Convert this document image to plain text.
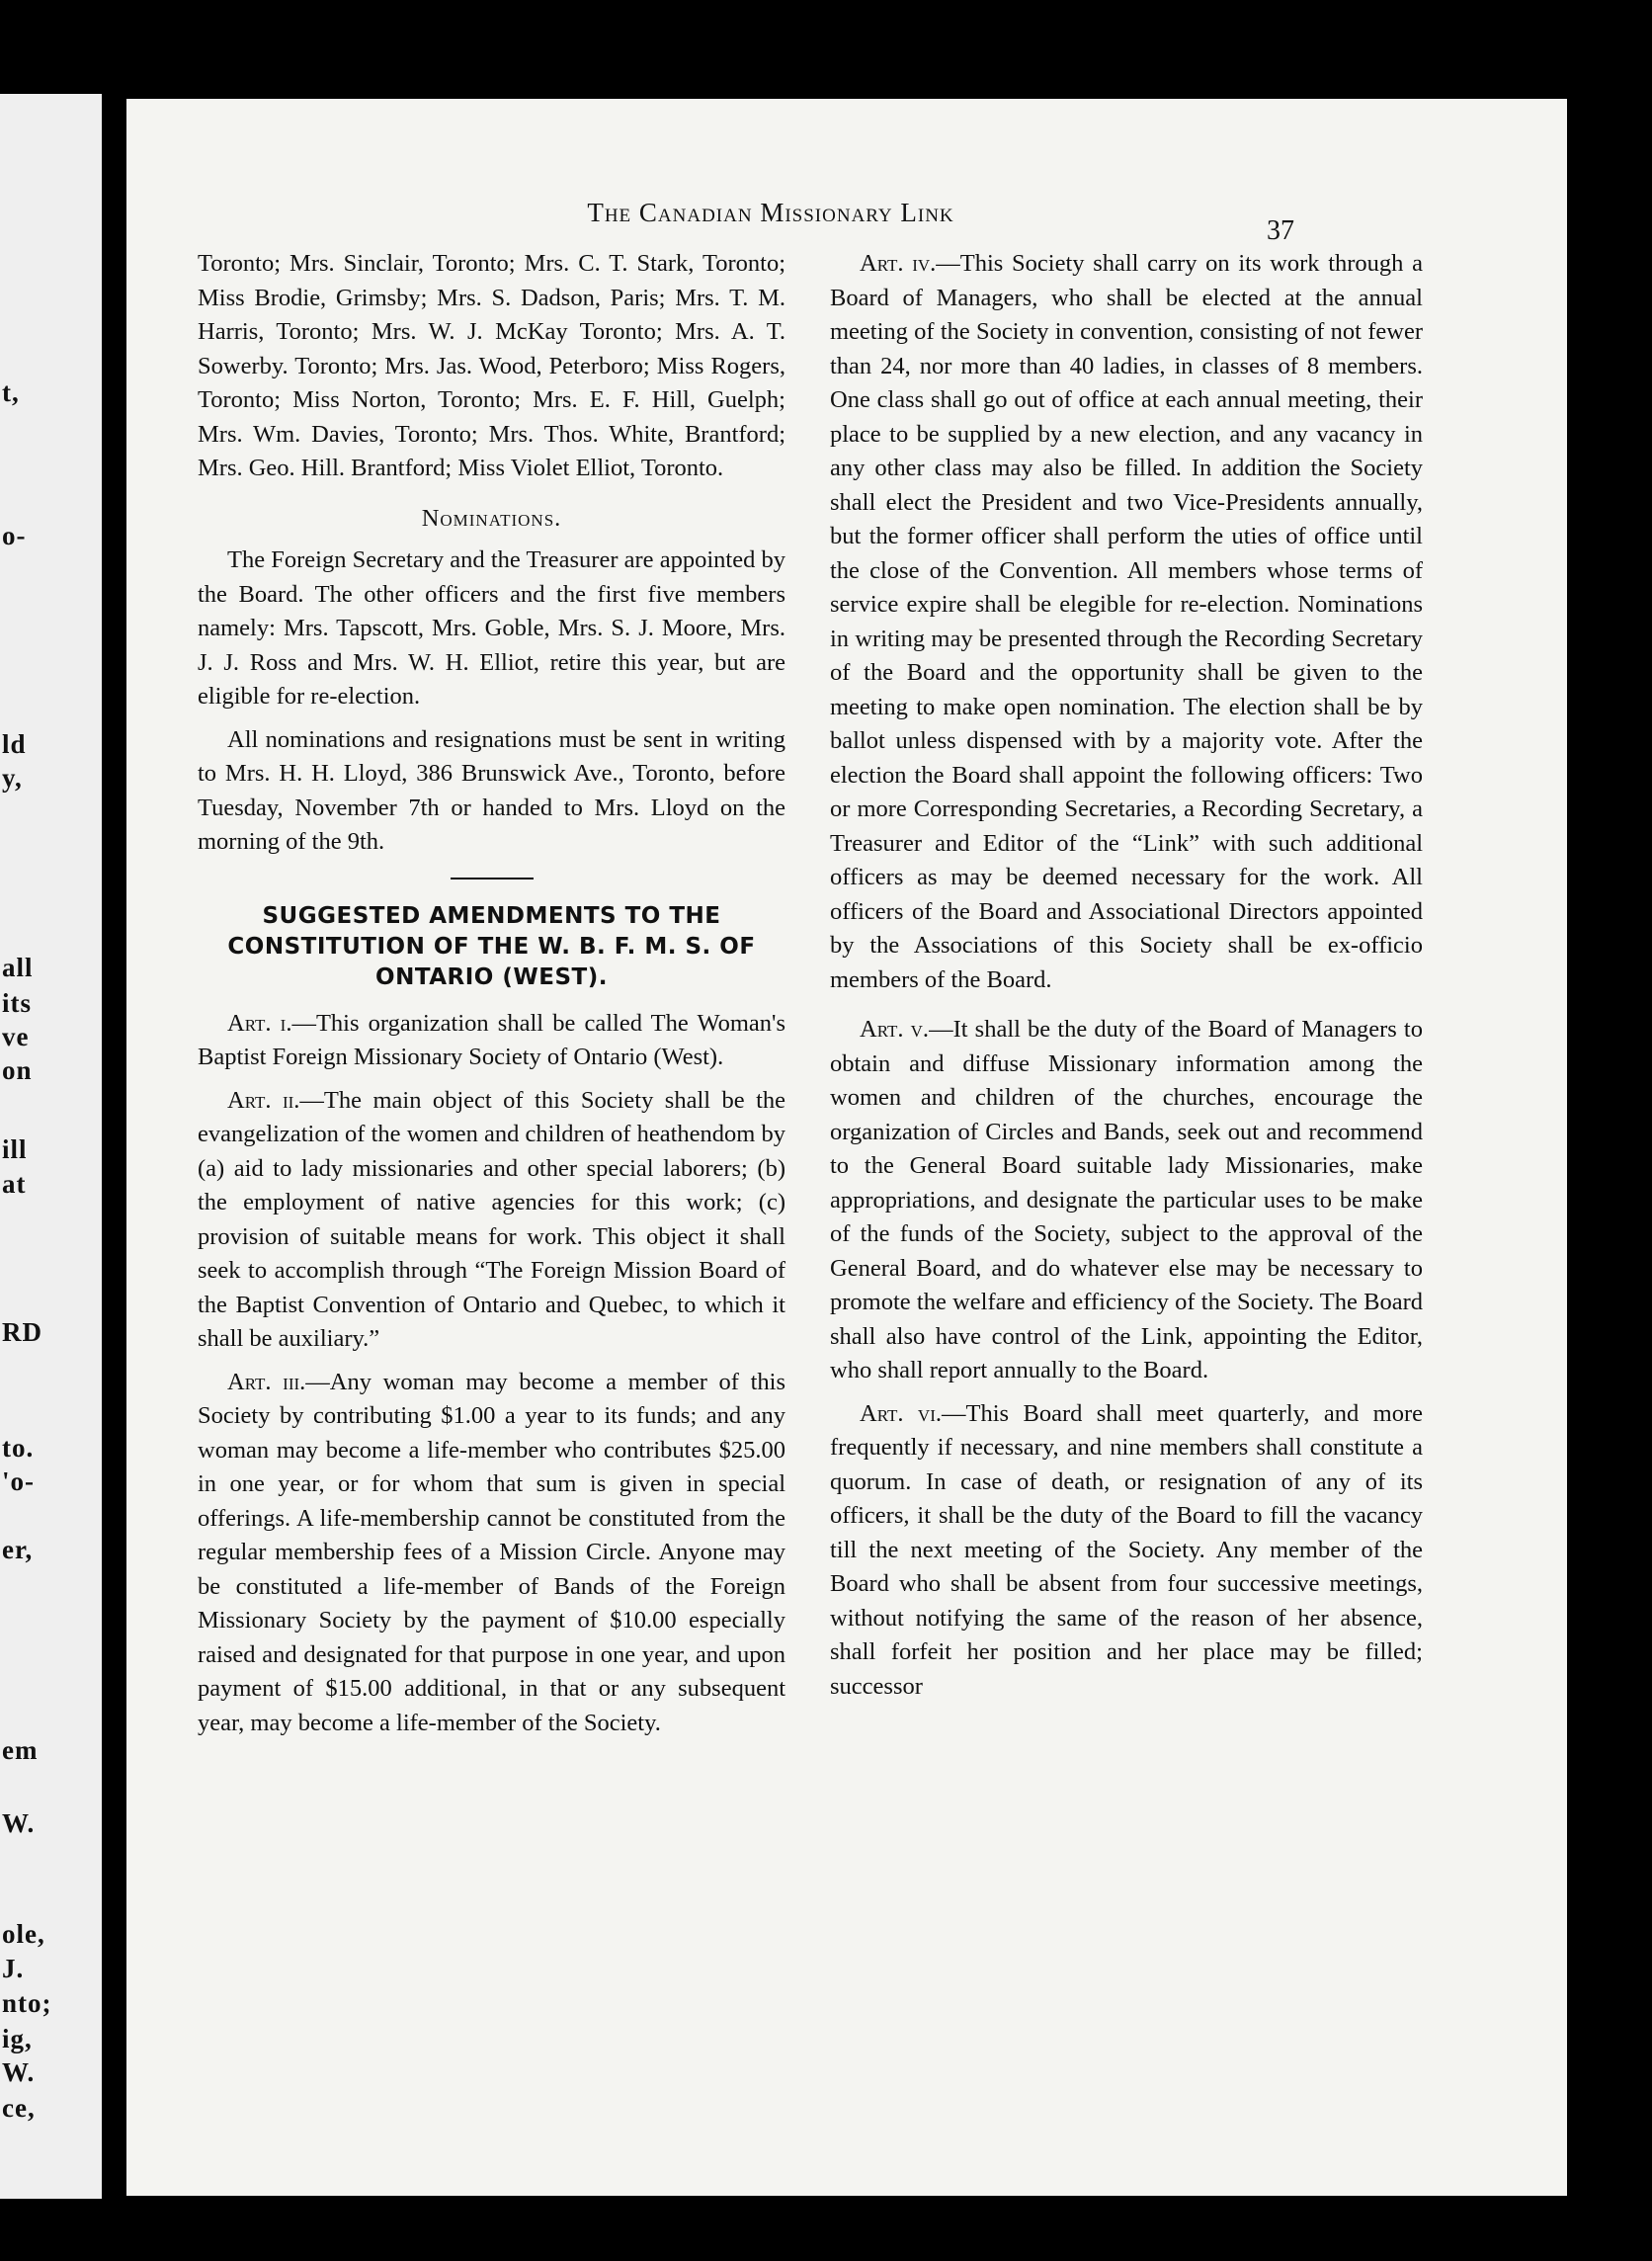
t,
o-
ld
y,
all
its
ve
on
ill
at
RD
to.
'o-
er,
em
W.
ole,
J.
nto;
ig,
W.
ce,
The Canadian Missionary Link
37

Toronto; Mrs. Sinclair, Toronto; Mrs. C. T. Stark, Toronto; Miss Brodie, Grimsby; Mrs. S. Dadson, Paris; Mrs. T. M. Harris, Toronto; Mrs. W. J. McKay Toronto; Mrs. A. T. Sowerby. Toronto; Mrs. Jas. Wood, Peterboro; Miss Rogers, Toronto; Miss Norton, Toronto; Mrs. E. F. Hill, Guelph; Mrs. Wm. Davies, Toronto; Mrs. Thos. White, Brantford; Mrs. Geo. Hill. Brantford; Miss Violet Elliot, Toronto.

Nominations.

The Foreign Secretary and the Treasurer are appointed by the Board. The other officers and the first five members namely: Mrs. Tapscott, Mrs. Goble, Mrs. S. J. Moore, Mrs. J. J. Ross and Mrs. W. H. Elliot, retire this year, but are eligible for re-election.

All nominations and resignations must be sent in writing to Mrs. H. H. Lloyd, 386 Brunswick Ave., Toronto, before Tuesday, November 7th or handed to Mrs. Lloyd on the morning of the 9th.

SUGGESTED AMENDMENTS TO THE CONSTITUTION OF THE W. B. F. M. S. OF ONTARIO (WEST).

Art. i.—This organization shall be called The Woman's Baptist Foreign Missionary Society of Ontario (West).

Art. ii.—The main object of this Society shall be the evangelization of the women and children of heathendom by (a) aid to lady missionaries and other special laborers; (b) the employment of native agencies for this work; (c) provision of suitable means for work. This object it shall seek to accomplish through “The Foreign Mission Board of the Baptist Convention of Ontario and Quebec, to which it shall be auxiliary.”

Art. iii.—Any woman may become a member of this Society by contributing $1.00 a year to its funds; and any woman may become a life-member who contributes $25.00 in one year, or for whom that sum is given in special offerings. A life-membership cannot be constituted from the regular membership fees of a Mission Circle. Anyone may be constituted a life-member of Bands of the Foreign Missionary Society by the payment of $10.00 especially raised and designated for that purpose in one year, and upon payment of $15.00 additional, in that or any subsequent year, may become a life-member of the Society.

Art. iv.—This Society shall carry on its work through a Board of Managers, who shall be elected at the annual meeting of the Society in convention, consisting of not fewer than 24, nor more than 40 ladies, in classes of 8 members. One class shall go out of office at each annual meeting, their place to be supplied by a new election, and any vacancy in any other class may also be filled. In addition the Society shall elect the President and two Vice-Presidents annually, but the former officer shall perform the uties of office until the close of the Convention. All members whose terms of service expire shall be elegible for re-election. Nominations in writing may be presented through the Recording Secretary of the Board and the opportunity shall be given to the meeting to make open nomination. The election shall be by ballot unless dispensed with by a majority vote. After the election the Board shall appoint the following officers: Two or more Corresponding Secretaries, a Recording Secretary, a Treasurer and Editor of the “Link” with such additional officers as may be deemed necessary for the work. All officers of the Board and Associational Directors appointed by the Associations of this Society shall be ex-officio members of the Board.

Art. v.—It shall be the duty of the Board of Managers to obtain and diffuse Missionary information among the women and children of the churches, encourage the organization of Circles and Bands, seek out and recommend to the General Board suitable lady Missionaries, make appropriations, and designate the particular uses to be make of the funds of the Society, subject to the approval of the General Board, and do whatever else may be necessary to promote the welfare and efficiency of the Society. The Board shall also have control of the Link, appointing the Editor, who shall report annually to the Board.

Art. vi.—This Board shall meet quarterly, and more frequently if necessary, and nine members shall constitute a quorum. In case of death, or resignation of any of its officers, it shall be the duty of the Board to fill the vacancy till the next meeting of the Society. Any member of the Board who shall be absent from four successive meetings, without notifying the same of the reason of her absence, shall forfeit her position and her place may be filled; successor
